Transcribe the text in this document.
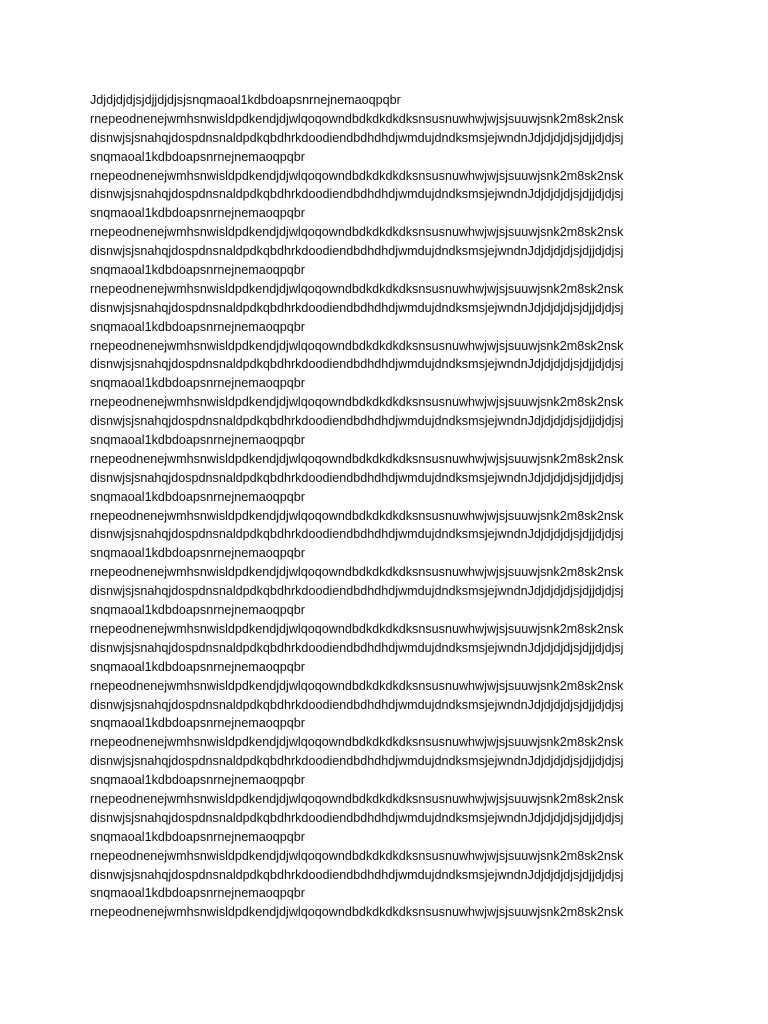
Jdjdjdjdjsjdjjdjdjsjsnqmaoal1kdbdoapsnrnejnemaoqpqbr
rnepeodnenejwmhsnwisldpdkendjdjwlqoqowndbdkdkdkdksnsusnuwhwjwjsjsuuwjsnk2m8sk2nsk
disnwjsjsnahqjdospdnsnaldpdkqbdhrkdoodiendbdhdhdjwmdujdndksmsjejwndnJdjdjdjdjsjdjjdjdjsj
snqmaoal1kdbdoapsnrnejnemaoqpqbr
rnepeodnenejwmhsnwisldpdkendjdjwlqoqowndbdkdkdkdksnsusnuwhwjwjsjsuuwjsnk2m8sk2nsk
disnwjsjsnahqjdospdnsnaldpdkqbdhrkdoodiendbdhdhdjwmdujdndksmsjejwndnJdjdjdjdjsjdjjdjdjsj
snqmaoal1kdbdoapsnrnejnemaoqpqbr
rnepeodnenejwmhsnwisldpdkendjdjwlqoqowndbdkdkdkdksnsusnuwhwjwjsjsuuwjsnk2m8sk2nsk
disnwjsjsnahqjdospdnsnaldpdkqbdhrkdoodiendbdhdhdjwmdujdndksmsjejwndnJdjdjdjdjsjdjjdjdjsj
snqmaoal1kdbdoapsnrnejnemaoqpqbr
rnepeodnenejwmhsnwisldpdkendjdjwlqoqowndbdkdkdkdksnsusnuwhwjwjsjsuuwjsnk2m8sk2nsk
disnwjsjsnahqjdospdnsnaldpdkqbdhrkdoodiendbdhdhdjwmdujdndksmsjejwndnJdjdjdjdjsjdjjdjdjsj
snqmaoal1kdbdoapsnrnejnemaoqpqbr
rnepeodnenejwmhsnwisldpdkendjdjwlqoqowndbdkdkdkdksnsusnuwhwjwjsjsuuwjsnk2m8sk2nsk
disnwjsjsnahqjdospdnsnaldpdkqbdhrkdoodiendbdhdhdjwmdujdndksmsjejwndnJdjdjdjdjsjdjjdjdjsj
snqmaoal1kdbdoapsnrnejnemaoqpqbr
rnepeodnenejwmhsnwisldpdkendjdjwlqoqowndbdkdkdkdksnsusnuwhwjwjsjsuuwjsnk2m8sk2nsk
disnwjsjsnahqjdospdnsnaldpdkqbdhrkdoodiendbdhdhdjwmdujdndksmsjejwndnJdjdjdjdjsjdjjdjdjsj
snqmaoal1kdbdoapsnrnejnemaoqpqbr
rnepeodnenejwmhsnwisldpdkendjdjwlqoqowndbdkdkdkdksnsusnuwhwjwjsjsuuwjsnk2m8sk2nsk
disnwjsjsnahqjdospdnsnaldpdkqbdhrkdoodiendbdhdhdjwmdujdndksmsjejwndnJdjdjdjdjsjdjjdjdjsj
snqmaoal1kdbdoapsnrnejnemaoqpqbr
rnepeodnenejwmhsnwisldpdkendjdjwlqoqowndbdkdkdkdksnsusnuwhwjwjsjsuuwjsnk2m8sk2nsk
disnwjsjsnahqjdospdnsnaldpdkqbdhrkdoodiendbdhdhdjwmdujdndksmsjejwndnJdjdjdjdjsjdjjdjdjsj
snqmaoal1kdbdoapsnrnejnemaoqpqbr
rnepeodnenejwmhsnwisldpdkendjdjwlqoqowndbdkdkdkdksnsusnuwhwjwjsjsuuwjsnk2m8sk2nsk
disnwjsjsnahqjdospdnsnaldpdkqbdhrkdoodiendbdhdhdjwmdujdndksmsjejwndnJdjdjdjdjsjdjjdjdjsj
snqmaoal1kdbdoapsnrnejnemaoqpqbr
rnepeodnenejwmhsnwisldpdkendjdjwlqoqowndbdkdkdkdksnsusnuwhwjwjsjsuuwjsnk2m8sk2nsk
disnwjsjsnahqjdospdnsnaldpdkqbdhrkdoodiendbdhdhdjwmdujdndksmsjejwndnJdjdjdjdjsjdjjdjdjsj
snqmaoal1kdbdoapsnrnejnemaoqpqbr
rnepeodnenejwmhsnwisldpdkendjdjwlqoqowndbdkdkdkdksnsusnuwhwjwjsjsuuwjsnk2m8sk2nsk
disnwjsjsnahqjdospdnsnaldpdkqbdhrkdoodiendbdhdhdjwmdujdndksmsjejwndnJdjdjdjdjsjdjjdjdjsj
snqmaoal1kdbdoapsnrnejnemaoqpqbr
rnepeodnenejwmhsnwisldpdkendjdjwlqoqowndbdkdkdkdksnsusnuwhwjwjsjsuuwjsnk2m8sk2nsk
disnwjsjsnahqjdospdnsnaldpdkqbdhrkdoodiendbdhdhdjwmdujdndksmsjejwndnJdjdjdjdjsjdjjdjdjsj
snqmaoal1kdbdoapsnrnejnemaoqpqbr
rnepeodnenejwmhsnwisldpdkendjdjwlqoqowndbdkdkdkdksnsusnuwhwjwjsjsuuwjsnk2m8sk2nsk
disnwjsjsnahqjdospdnsnaldpdkqbdhrkdoodiendbdhdhdjwmdujdndksmsjejwndnJdjdjdjdjsjdjjdjdjsj
snqmaoal1kdbdoapsnrnejnemaoqpqbr
rnepeodnenejwmhsnwisldpdkendjdjwlqoqowndbdkdkdkdksnsusnuwhwjwjsjsuuwjsnk2m8sk2nsk
disnwjsjsnahqjdospdnsnaldpdkqbdhrkdoodiendbdhdhdjwmdujdndksmsjejwndnJdjdjdjdjsjdjjdjdjsj
snqmaoal1kdbdoapsnrnejnemaoqpqbr
rnepeodnenejwmhsnwisldpdkendjdjwlqoqowndbdkdkdkdksnsusnuwhwjwjsjsuuwjsnk2m8sk2nsk
